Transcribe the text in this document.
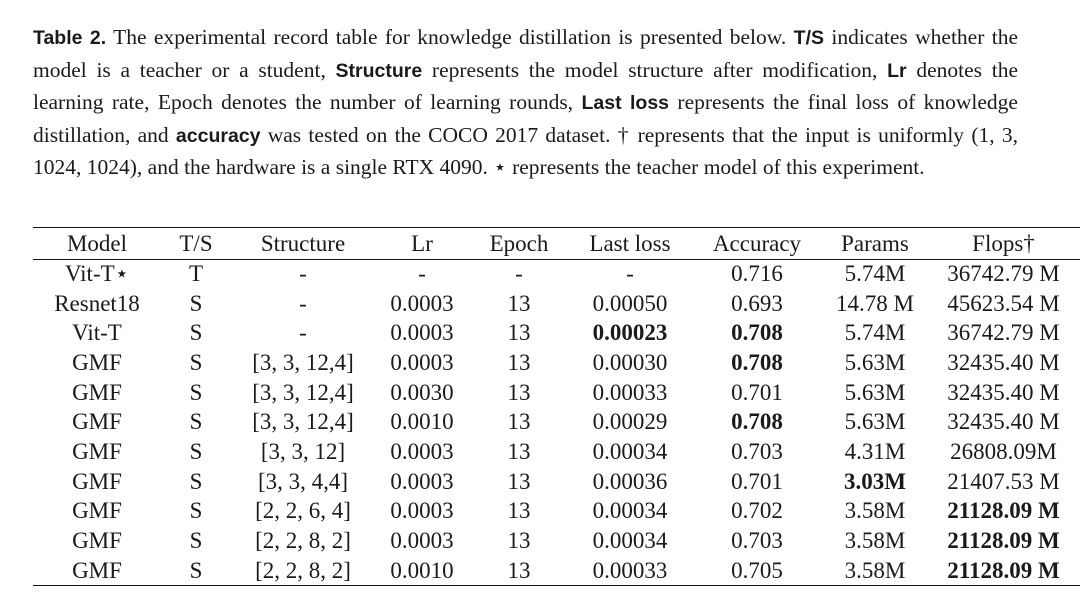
Table 2. The experimental record table for knowledge distillation is presented below. T/S indicates whether the model is a teacher or a student, Structure represents the model structure after modification, Lr denotes the learning rate, Epoch denotes the number of learning rounds, Last loss represents the final loss of knowledge distillation, and accuracy was tested on the COCO 2017 dataset. † represents that the input is uniformly (1, 3, 1024, 1024), and the hardware is a single RTX 4090. ⋆ represents the teacher model of this experiment.
Model	T/S	Structure	Lr	Epoch	Last loss	Accuracy	Params	Flops†
Vit-T⋆	T	-	-	-	-	0.716	5.74M	36742.79 M
Resnet18	S	-	0.0003	13	0.00050	0.693	14.78 M	45623.54 M
Vit-T	S	-	0.0003	13	0.00023	0.708	5.74M	36742.79 M
GMF	S	[3, 3, 12,4]	0.0003	13	0.00030	0.708	5.63M	32435.40 M
GMF	S	[3, 3, 12,4]	0.0030	13	0.00033	0.701	5.63M	32435.40 M
GMF	S	[3, 3, 12,4]	0.0010	13	0.00029	0.708	5.63M	32435.40 M
GMF	S	[3, 3, 12]	0.0003	13	0.00034	0.703	4.31M	26808.09M
GMF	S	[3, 3, 4,4]	0.0003	13	0.00036	0.701	3.03M	21407.53 M
GMF	S	[2, 2, 6, 4]	0.0003	13	0.00034	0.702	3.58M	21128.09 M
GMF	S	[2, 2, 8, 2]	0.0003	13	0.00034	0.703	3.58M	21128.09 M
GMF	S	[2, 2, 8, 2]	0.0010	13	0.00033	0.705	3.58M	21128.09 M
